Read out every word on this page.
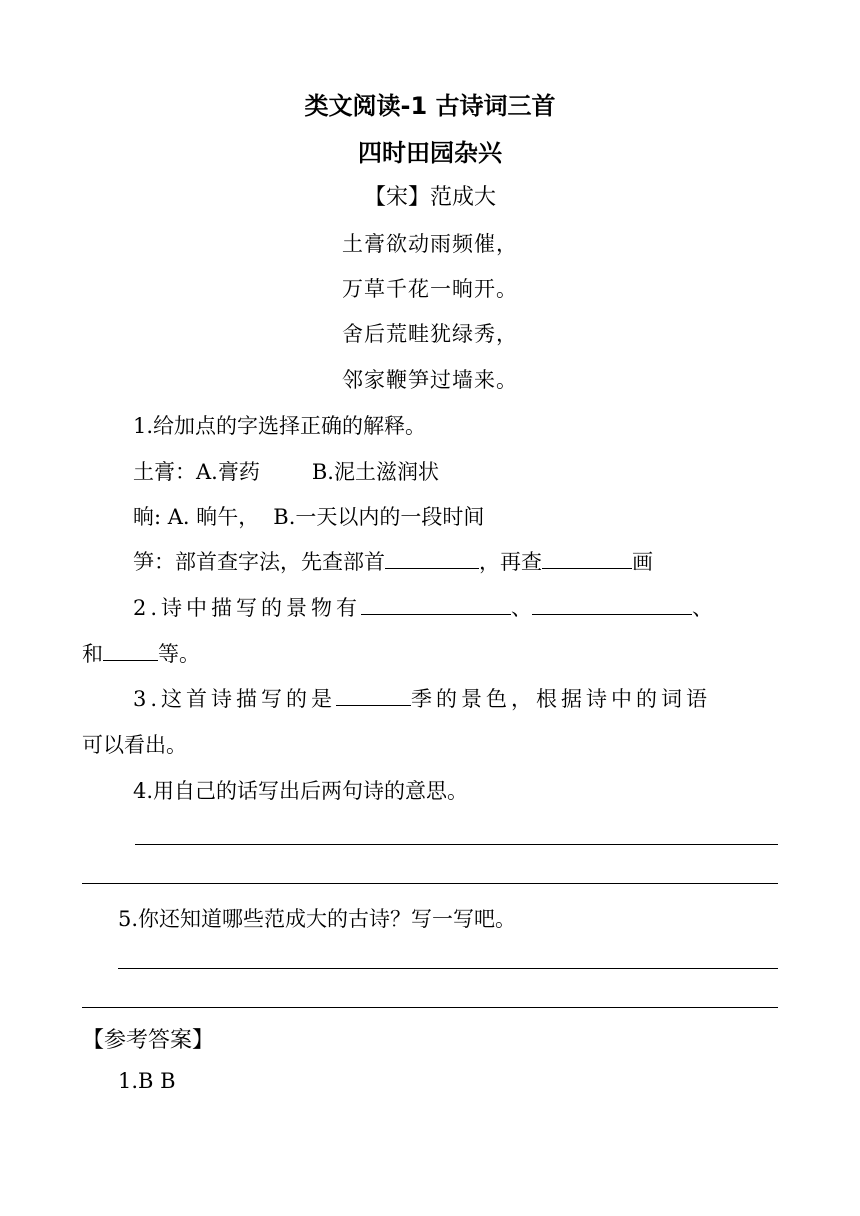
类文阅读-1 古诗词三首
四时田园杂兴
【宋】范成大
土膏欲动雨频催，
万草千花一晌开。
舍后荒畦犹绿秀，
邻家鞭笋过墙来。
1.给加点的字选择正确的解释。
土膏：A.膏药 B.泥土滋润状
晌: A. 晌午， B.一天以内的一段时间
笋：部首查字法，先查部首	，再查	画
2.诗中描写的景物有	、	、
和	等。
3.这首诗描写的是	季的景色，根据诗中的词语
可以看出。
4.用自己的话写出后两句诗的意思。
5.你还知道哪些范成大的古诗？写一写吧。
【参考答案】
1.B B
